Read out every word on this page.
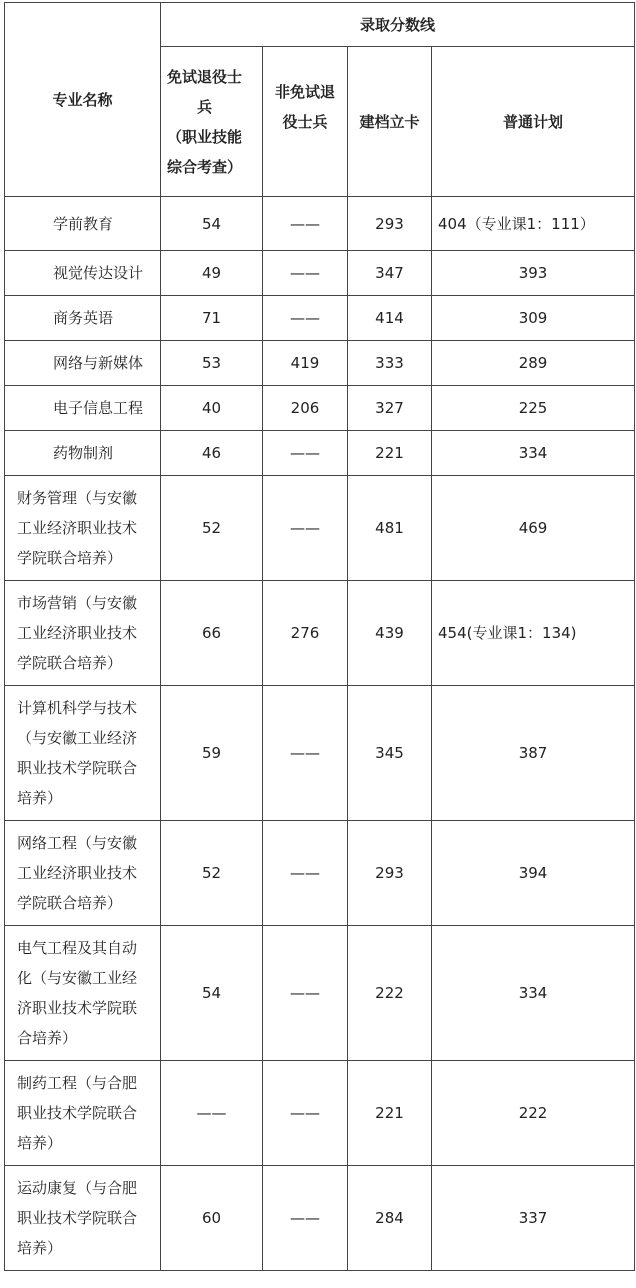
专业名称	录取分数线			

	免试退役士
兵
（职业技能
综合考查）	非免试退
役士兵	建档立卡	普通计划

学前教育	54	——	293	404（专业课1：111）

视觉传达设计	49	——	347	393

商务英语	71	——	414	309

网络与新媒体	53	419	333	289

电子信息工程	40	206	327	225

药物制剂	46	——	221	334

财务管理（与安徽
工业经济职业技术
学院联合培养）	52	——	481	469

市场营销（与安徽
工业经济职业技术
学院联合培养）	66	276	439	454(专业课1：134)

计算机科学与技术
（与安徽工业经济
职业技术学院联合
培养）	59	——	345	387

网络工程（与安徽
工业经济职业技术
学院联合培养）	52	——	293	394

电气工程及其自动
化（与安徽工业经
济职业技术学院联
合培养）	54	——	222	334

制药工程（与合肥
职业技术学院联合
培养）	——	——	221	222

运动康复（与合肥
职业技术学院联合
培养）	60	——	284	337
